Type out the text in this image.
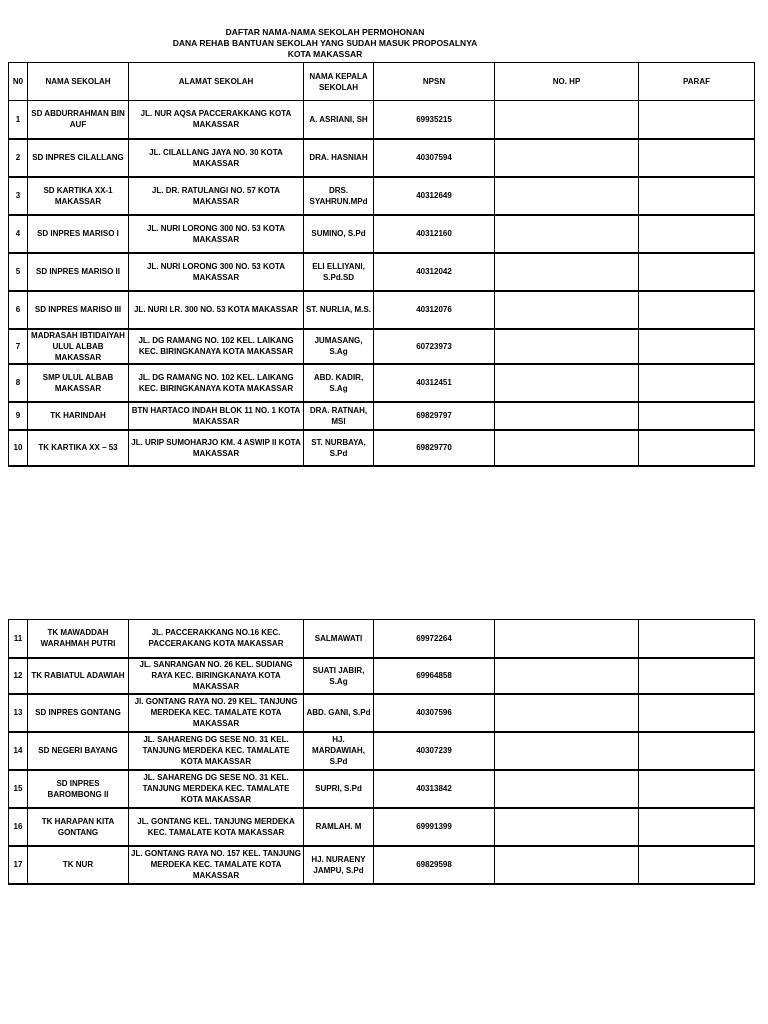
DAFTAR NAMA-NAMA SEKOLAH PERMOHONAN
DANA REHAB BANTUAN SEKOLAH YANG SUDAH MASUK PROPOSALNYA
KOTA MAKASSAR
N0	NAMA SEKOLAH	ALAMAT SEKOLAH	NAMA KEPALA SEKOLAH	NPSN	NO. HP	PARAF
1	SD ABDURRAHMAN BIN AUF	JL. NUR AQSA PACCERAKKANG KOTA MAKASSAR	A. ASRIANI, SH	69935215		
2	SD INPRES CILALLANG	JL. CILALLANG JAYA NO. 30 KOTA MAKASSAR	DRA. HASNIAH	40307594		
3	SD KARTIKA XX-1 MAKASSAR	JL. DR. RATULANGI NO. 57 KOTA MAKASSAR	DRS. SYAHRUN.MPd	40312649		
4	SD INPRES MARISO I	JL. NURI LORONG 300 NO. 53 KOTA MAKASSAR	SUMINO, S.Pd	40312160		
5	SD INPRES MARISO II	JL. NURI LORONG 300 NO. 53 KOTA MAKASSAR	ELI ELLIYANI, S.Pd.SD	40312042		
6	SD INPRES MARISO III	JL. NURI LR. 300 NO. 53 KOTA MAKASSAR	ST. NURLIA, M.S.	40312076		
7	MADRASAH IBTIDAIYAH ULUL ALBAB MAKASSAR	JL. DG RAMANG NO. 102 KEL. LAIKANG KEC. BIRINGKANAYA KOTA MAKASSAR	JUMASANG, S.Ag	60723973		
8	SMP ULUL ALBAB MAKASSAR	JL. DG RAMANG NO. 102 KEL. LAIKANG KEC. BIRINGKANAYA KOTA MAKASSAR	ABD. KADIR, S.Ag	40312451		
9	TK HARINDAH	BTN HARTACO INDAH BLOK 11 NO. 1 KOTA MAKASSAR	DRA. RATNAH, MSI	69829797		
10	TK KARTIKA XX – 53	JL. URIP SUMOHARJO KM. 4 ASWIP II KOTA MAKASSAR	ST. NURBAYA, S.Pd	69829770		
11	TK MAWADDAH WARAHMAH PUTRI	JL. PACCERAKKANG NO.16 KEC. PACCERAKANG KOTA MAKASSAR	SALMAWATI	69972264		
12	TK RABIATUL ADAWIAH	JL. SANRANGAN NO. 26 KEL. SUDIANG RAYA KEC. BIRINGKANAYA KOTA MAKASSAR	SUATI JABIR, S.Ag	69964858		
13	SD INPRES GONTANG	Jl. GONTANG RAYA NO. 29 KEL. TANJUNG MERDEKA KEC. TAMALATE KOTA MAKASSAR	ABD. GANI, S.Pd	40307596		
14	SD NEGERI BAYANG	JL. SAHARENG DG SESE NO. 31 KEL. TANJUNG MERDEKA KEC. TAMALATE KOTA MAKASSAR	HJ. MARDAWIAH, S.Pd	40307239		
15	SD INPRES BAROMBONG II	JL. SAHARENG DG SESE NO. 31 KEL. TANJUNG MERDEKA KEC. TAMALATE KOTA MAKASSAR	SUPRI, S.Pd	40313842		
16	TK HARAPAN KITA GONTANG	JL. GONTANG KEL. TANJUNG MERDEKA KEC. TAMALATE KOTA MAKASSAR	RAMLAH. M	69991399		
17	TK NUR	JL. GONTANG RAYA NO. 157 KEL. TANJUNG MERDEKA KEC. TAMALATE KOTA MAKASSAR	HJ. NURAENY JAMPU, S.Pd	69829598		
